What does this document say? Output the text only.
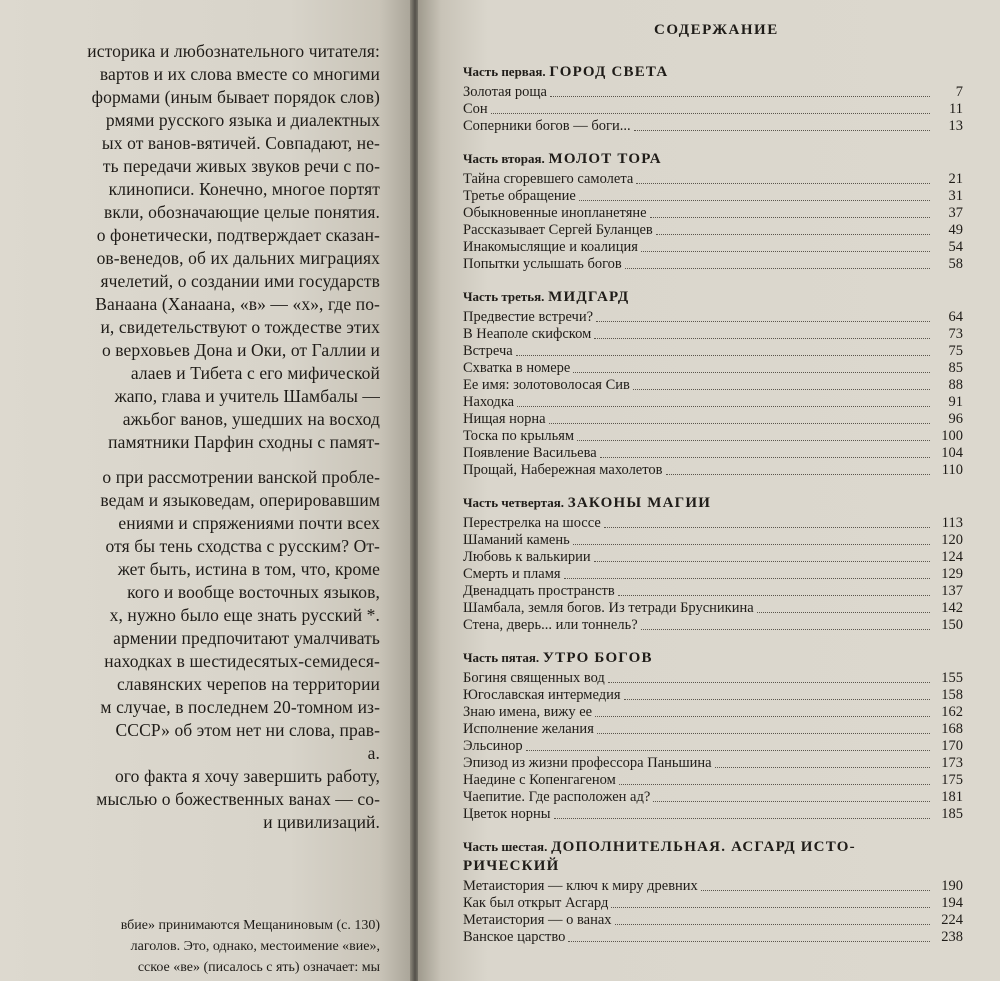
историка и любознательного читателя:
вартов и их слова вместе со многими
формами (иным бывает порядок слов)
рмями русского языка и диалектных
ых от ванов-вятичей. Совпадают, не-
ть передачи живых звуков речи с по-
клинописи. Конечно, многое портят
вкли, обозначающие целые понятия.
о фонетически, подтверждает сказан-
ов-венедов, об их дальних миграциях
ячелетий, о создании ими государств
Ванаана (Ханаана, «в» — «х», где по-
и, свидетельствуют о тождестве этих
о верховьев Дона и Оки, от Галлии и
алаев и Тибета с его мифической
жапо, глава и учитель Шамбалы —
ажьбог ванов, ушедших на восход
памятники Парфин сходны с памят-
о при рассмотрении ванской пробле-
ведам и языковедам, оперировавшим
ениями и спряжениями почти всех
отя бы тень сходства с русским? От-
жет быть, истина в том, что, кроме
кого и вообще восточных языков,
х, нужно было еще знать русский *.
армении предпочитают умалчивать
находках в шестидесятых-семидеся-
славянских черепов на территории
м случае, в последнем 20-томном из-
СССР» об этом нет ни слова, прав-
а.
ого факта я хочу завершить работу,
мыслью о божественных ванах — со-
и цивилизаций.
вбие» принимаются Мещаниновым (с. 130)
лаголов. Это, однако, местоимение «вие»,
сское «ве» (писалось с ять) означает: мы
СОДЕРЖАНИЕ
Часть первая. ГОРОД СВЕТА
Золотая роща	7
Сон	11
Соперники богов — боги...	13
Часть вторая. МОЛОТ ТОРА
Тайна сгоревшего самолета	21
Третье обращение	31
Обыкновенные инопланетяне	37
Рассказывает Сергей Буланцев	49
Инакомыслящие и коалиция	54
Попытки услышать богов	58
Часть третья. МИДГАРД
Предвестие встречи?	64
В Неаполе скифском	73
Встреча	75
Схватка в номере	85
Ее имя: золотоволосая Сив	88
Находка	91
Нищая норна	96
Тоска по крыльям	100
Появление Васильева	104
Прощай, Набережная махолетов	110
Часть четвертая. ЗАКОНЫ МАГИИ
Перестрелка на шоссе	113
Шаманий камень	120
Любовь к валькирии	124
Смерть и пламя	129
Двенадцать пространств	137
Шамбала, земля богов. Из тетради Брусникина	142
Стена, дверь... или тоннель?	150
Часть пятая. УТРО БОГОВ
Богиня священных вод	155
Югославская интермедия	158
Знаю имена, вижу ее	162
Исполнение желания	168
Эльсинор	170
Эпизод из жизни профессора Паньшина	173
Наедине с Копенгагеном	175
Чаепитие. Где расположен ад?	181
Цветок норны	185
Часть шестая. ДОПОЛНИТЕЛЬНАЯ. АСГАРД ИСТО-
РИЧЕСКИЙ
Метаистория — ключ к миру древних	190
Как был открыт Асгард	194
Метаистория — о ванах	224
Ванское царство	238
